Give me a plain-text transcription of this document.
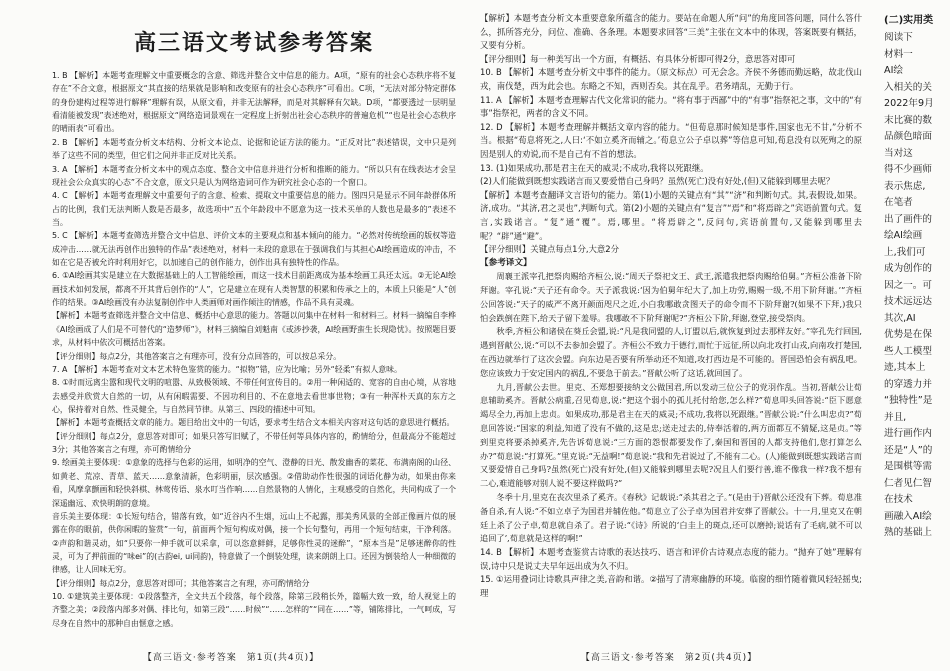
高三语文考试参考答案

1. B 【解析】本题考查理解文中重要概念的含意、筛选并整合文中信息的能力。A项，“原有的社会心态秩序将不复存在”不合文意，根据原文“其直接的结果就是影响和改变原有的社会心态秩序”可看出。C项，“无法对部分特定群体的身份建构过程等进行解释”理解有误，从原文看，并非无法解释，而是对其解释有欠缺。D项，“都要透过一层明显看清能被发现”表述绝对，根据原文“网络造词景观在一定程度上折射出社会心态秩序的普遍危机”“也是社会心态秩序的晴雨表”可看出。

2. B 【解析】本题考查分析文本结构、分析文本论点、论据和论证方法的能力。“正反对比”表述错误，文中只是列举了这些不同的类型，但它们之间并非正反对比关系。

3. A 【解析】本题考查分析文本中的观点态度、整合文中信息并进行分析和推断的能力。“所以只有在线表达才会呈现社会公众真实的心态”不合文意，原文只是认为网络造词可作为研究社会心态的一个窗口。

4. C 【解析】本题考查理解文中重要句子的含意、检索、提取文中重要信息的能力。图四只是显示不同年龄群体所占的比例，我们无法判断人数是否最多，故选项中“五个年龄段中不愿意为这一技术买单的人数也是最多的”表述不当。

5. C 【解析】本题考查筛选并整合文中信息、评价文本的主要观点和基本倾向的能力。“必然对传统绘画的版权等造成冲击……就无法再创作出独特的作品”表述绝对，材料一未段的意思在于强调我们与其担心AI绘画造成的冲击，不如在它是否被允许时利用好它，以加速自己的创作能力，创作出具有独特性的作品。

6. ①AI绘画其实是建立在大数据基础上的人工智能绘画，而这一技术目前距离成为基本绘画工具还太远。②无论AI绘画技术如何发展，都离不开其背后创作的“人”，它是建立在现有人类智慧的积累和传承之上的，本质上只能是“人”创作的结果。③AI绘画没有办法复制创作中人类画师对画作倾注的情感，作品不具有灵魂。

【解析】本题考查筛选并整合文中信息、概括中心意思的能力。答题以问集中在材料一和材料三。材料一摘编自李桦《AI绘画成了人们是不可替代的“造梦师”》，材料三摘编自刘魁南《或涉抄袭，AI绘画野蛮生长现隐忧》。按照题目要求，从材料中依次可概括出答案。

【评分细则】每点2分，其他答案言之有理亦可，没有分点回答的，可以按总采分。

7. A 【解析】本题考查对文本艺术特色鉴赏的能力。“拟物”错，应为比喻；另外“轻柔”有拟人意味。

8. ①时而远离尘嚣和现代文明的喧嚣、从致极领域、不带任何宣传目的。②用一种闲适的、宽容的自由心境，从容地去感受并欣赏大自然的一切，从有闲暇需要、不因功利目的、不在意地去看世事世物；③有一种浑朴天真的东方之心，保持着对自然、性灵健全，与自然同节律。从第三、四段的描述中可知。

【解析】本题考查概括文章的能力。题目给出文中的一句话，要求考生结合文本相关内容对这句话的意思进行概括。

【评分细则】每点2分，意思答对即可；如果只答写旧赋了，不带任何等具体内容的，酌情给分，但最高分不能超过3分；其他答案言之有理，亦可酌情给分

9. 绘画美主要体现：①意象的选择与色彩的运用，如明净的空气、澄静的日光、散发幽香的菜花、布满南阁的山径、如黄老、荒凉、青草、蓝天……意象清新，色彩明丽，层次感强。②借助动作性很强的词语化静为动，如果由你来看，风摩拿颤画和轻快斜棋、林莺传语、泉水叮当作响……自然景物的人情化，主观感受的自然化，共同构成了一个深遥幽远、欢快明朗的意境。

音乐美主要体现：①长短句结合，错落有致，如“近谷内不生烟，远山上不起露，那美秀风景的全部正像画片似的展露在你的眼前，供你闲暇的鉴赏”一句，前面两个短句构成对偶，接一个长句整句，再用一个短句结束，干净利落。②声韵和谐灵动，如“只要你一伸手就可以采拿，可以恣意鲜鲜，足够你性灵的迷醉”，“原本当是”足够迷醉你的性灵，可为了押前面的“味ei”的(古韵ei, ui同韵)，特意做了一个倒装处理，读来朗朗上口。还因为倒装给人一种细微的律感，让人回味无穷。

【评分细则】每点2分，意思答对即可；其他答案言之有理，亦可酌情给分

10. ①建筑美主要体现：①段落整齐，全文共五个段落，每个段落，除第三段稍长外，篇幅大致一致，给人视觉上的齐整之美；②段落内部多对偶、排比句，如第三段“……时候”“……怎样的”“同在……”等，铺陈排比，一气呵成，写尽身在自然中的那种自由惬意之感。

【高三语文·参考答案　第1页(共4页)】

【解析】本题考查分析文本重要意象所蕴含的能力。要站在命题人所“问”的角度回答问题，同什么答什么，抓所答充分，问位、准确、各条理。本题要求回答“三美”主张在文本中的体现，答案既要有概括，又要有分析。

【评分细则】每一种美写出一个方面，有概括、有具体分析即可得2分，意思答对即可

10. B 【解析】本题考查分析文中事件的能力。（原文标点）可无会念。齐侯不务德而勤远略，故北伐山戎，南伐楚，西为此会也。东略之不知，西则否矣。其在乱乎。君务靖乱，无勤于行。

11. A 【解析】本题考查理解古代文化常识的能力。“将有事于西鄙”中的“有事”指祭祀之事，文中的“有事”指祭祀，两者的含义不同。

12. D 【解析】本题考查理解并概括文章内容的能力。“但荀息那时候知是事件,国家也无不甘,”分析不当。根据“荀息将死之,人曰:‘不如立奚齐而辅之。’荀息立公子卓以葬”等信息可知,荀息没有以死殉之的原因是别人的劝说,而不是自己有不首的想法。

13. (1)如果成功,那是君主在天的威灵;不成功,我将以死跟继。

(2)人们能做到既想实践诺言而又要爱惜自己身吗？虽然(死亡)没有好处,(但)又能躲到哪里去呢？

【解析】本题考查翻译文言语句的能力。第(1)小题的关键点有“其”“济”和判断句式。其,表假设,如果。济,成功。“其济,君之灵也”,判断句式。第(2)小题的关键点有“复言”“焉”和“将焉辟之”宾语前置句式。复言,实践诺言。“复”通“覆”。焉,哪里。“将焉辟之”,反问句,宾语前置句,又能躲到哪里去呢？“辟”通“避”。

【评分细则】关键点每点1分,大意2分

【参考译文】

周襄王派宰孔把祭肉赐给齐桓公,说:“周天子祭祀文王、武王,派遣我把祭肉赐给伯舅。”齐桓公准备下阶拜谢。宰孔说:“天子还有命令。天子派我说:‘因为伯舅年纪大了,加上功劳,赐赐一级,不用下阶拜谢。’”齐桓公回答说:“天子的威严不离开颜面咫尺之近,小白我哪敢贪图天子的命令而不下阶拜谢?(如果不下拜,)我只怕会跌倒在陛下,给天子留下羞辱。我哪敢不下阶拜谢呢?”齐桓公下阶,拜谢,登堂,接受祭肉。

秋季,齐桓公和诸侯在葵丘会盟,说:“凡是我同盟的人,订盟以后,就恢复到过去那样友好。”宰孔先行回国,遇到晋献公,说:“可以不去参加会盟了。齐桓公不致力于德行,而忙于远征,所以向北攻打山戎,向南攻打楚国,在西边就举行了这次会盟。向东边是否要有所举动还不知道,攻打西边是不可能的。晋国恐怕会有祸乱吧。您应该致力于安定国内的祸乱,不要急于前去。”晋献公听了这话,就回国了。

九月,晋献公去世。里克、丕郑想要接纳文公做国君,所以发动三位公子的党羽作乱。当初,晋献公让荀息辅助奚齐。晋献公病重,召见荀息,说:“把这个弱小的孤儿托付给您,怎么样?”荀息叩头回答说:“臣下愿意竭尽全力,再加上忠贞。如果成功,那是君主在天的威灵;不成功,我将以死跟继。”晋献公说:“什么叫忠贞?”荀息回答说:“国家的利益,知道了没有不做的,这是忠;送走过去的,侍奉活着的,两方面都互不猜疑,这是贞。”等到里克将要杀掉奚齐,先告诉荀息说:“三方面的怨恨都要发作了,秦国和晋国的人都支持他们,您打算怎么办?”荀息说:“打算死。”里克说:“无益啊!”荀息说:“我和先君说过了,不能有二心。(人)能做到既想实践诺言而又要爱惜自己身吗?虽然(死亡)没有好处,(但)又能躲到哪里去呢?况且人们要行善,谁不像我一样?我不想有二心,难道能够对别人说不要这样做吗?”

冬季十月,里克在丧次里杀了奚齐。《春秋》记载说:“杀其君之子。”(是由于)晋献公还没有下葬。荀息准备自杀,有人说:“不如立卓子为国君并辅佐他。”荀息立了公子卓为国君并安葬了晋献公。十一月,里克又在朝廷上杀了公子卓,荀息就自杀了。君子说:“《诗》所说的‘白圭上的斑点,还可以磨掉;说话有了毛病,就不可以追回了’,荀息就是这样的啊!”

14. B 【解析】本题考查鉴赏古诗歌的表达技巧、语言和评价古诗观点态度的能力。“抛弃了她”理解有误,诗中只是说丈夫早年远出成为久不归。

15. ①运用叠词让诗歌具声律之美,音韵和谐。②描写了清寒幽静的环境。临窗的细竹随着微风轻轻摇曳;理

【高三语文·参考答案　第2页(共4页)】
(二)实用类
阅读下
材料一
AI绘
入相关的关
2022年9月
末比赛的数
品颜色暗面
当对这
得不少画师
表示焦虑,
在笔者
出了画件的
绘AI绘画
上,我们可
成为创作的
因之一。可
技术远远达
其次,AI
优势是在保
些人工模型
迹,其本上
的穿透力并
“独特性”是
并且,
进行画作内
还是“人”的
是围棋等需
仁者见仁智
在技术
画融入AI绘
熟的基础上
